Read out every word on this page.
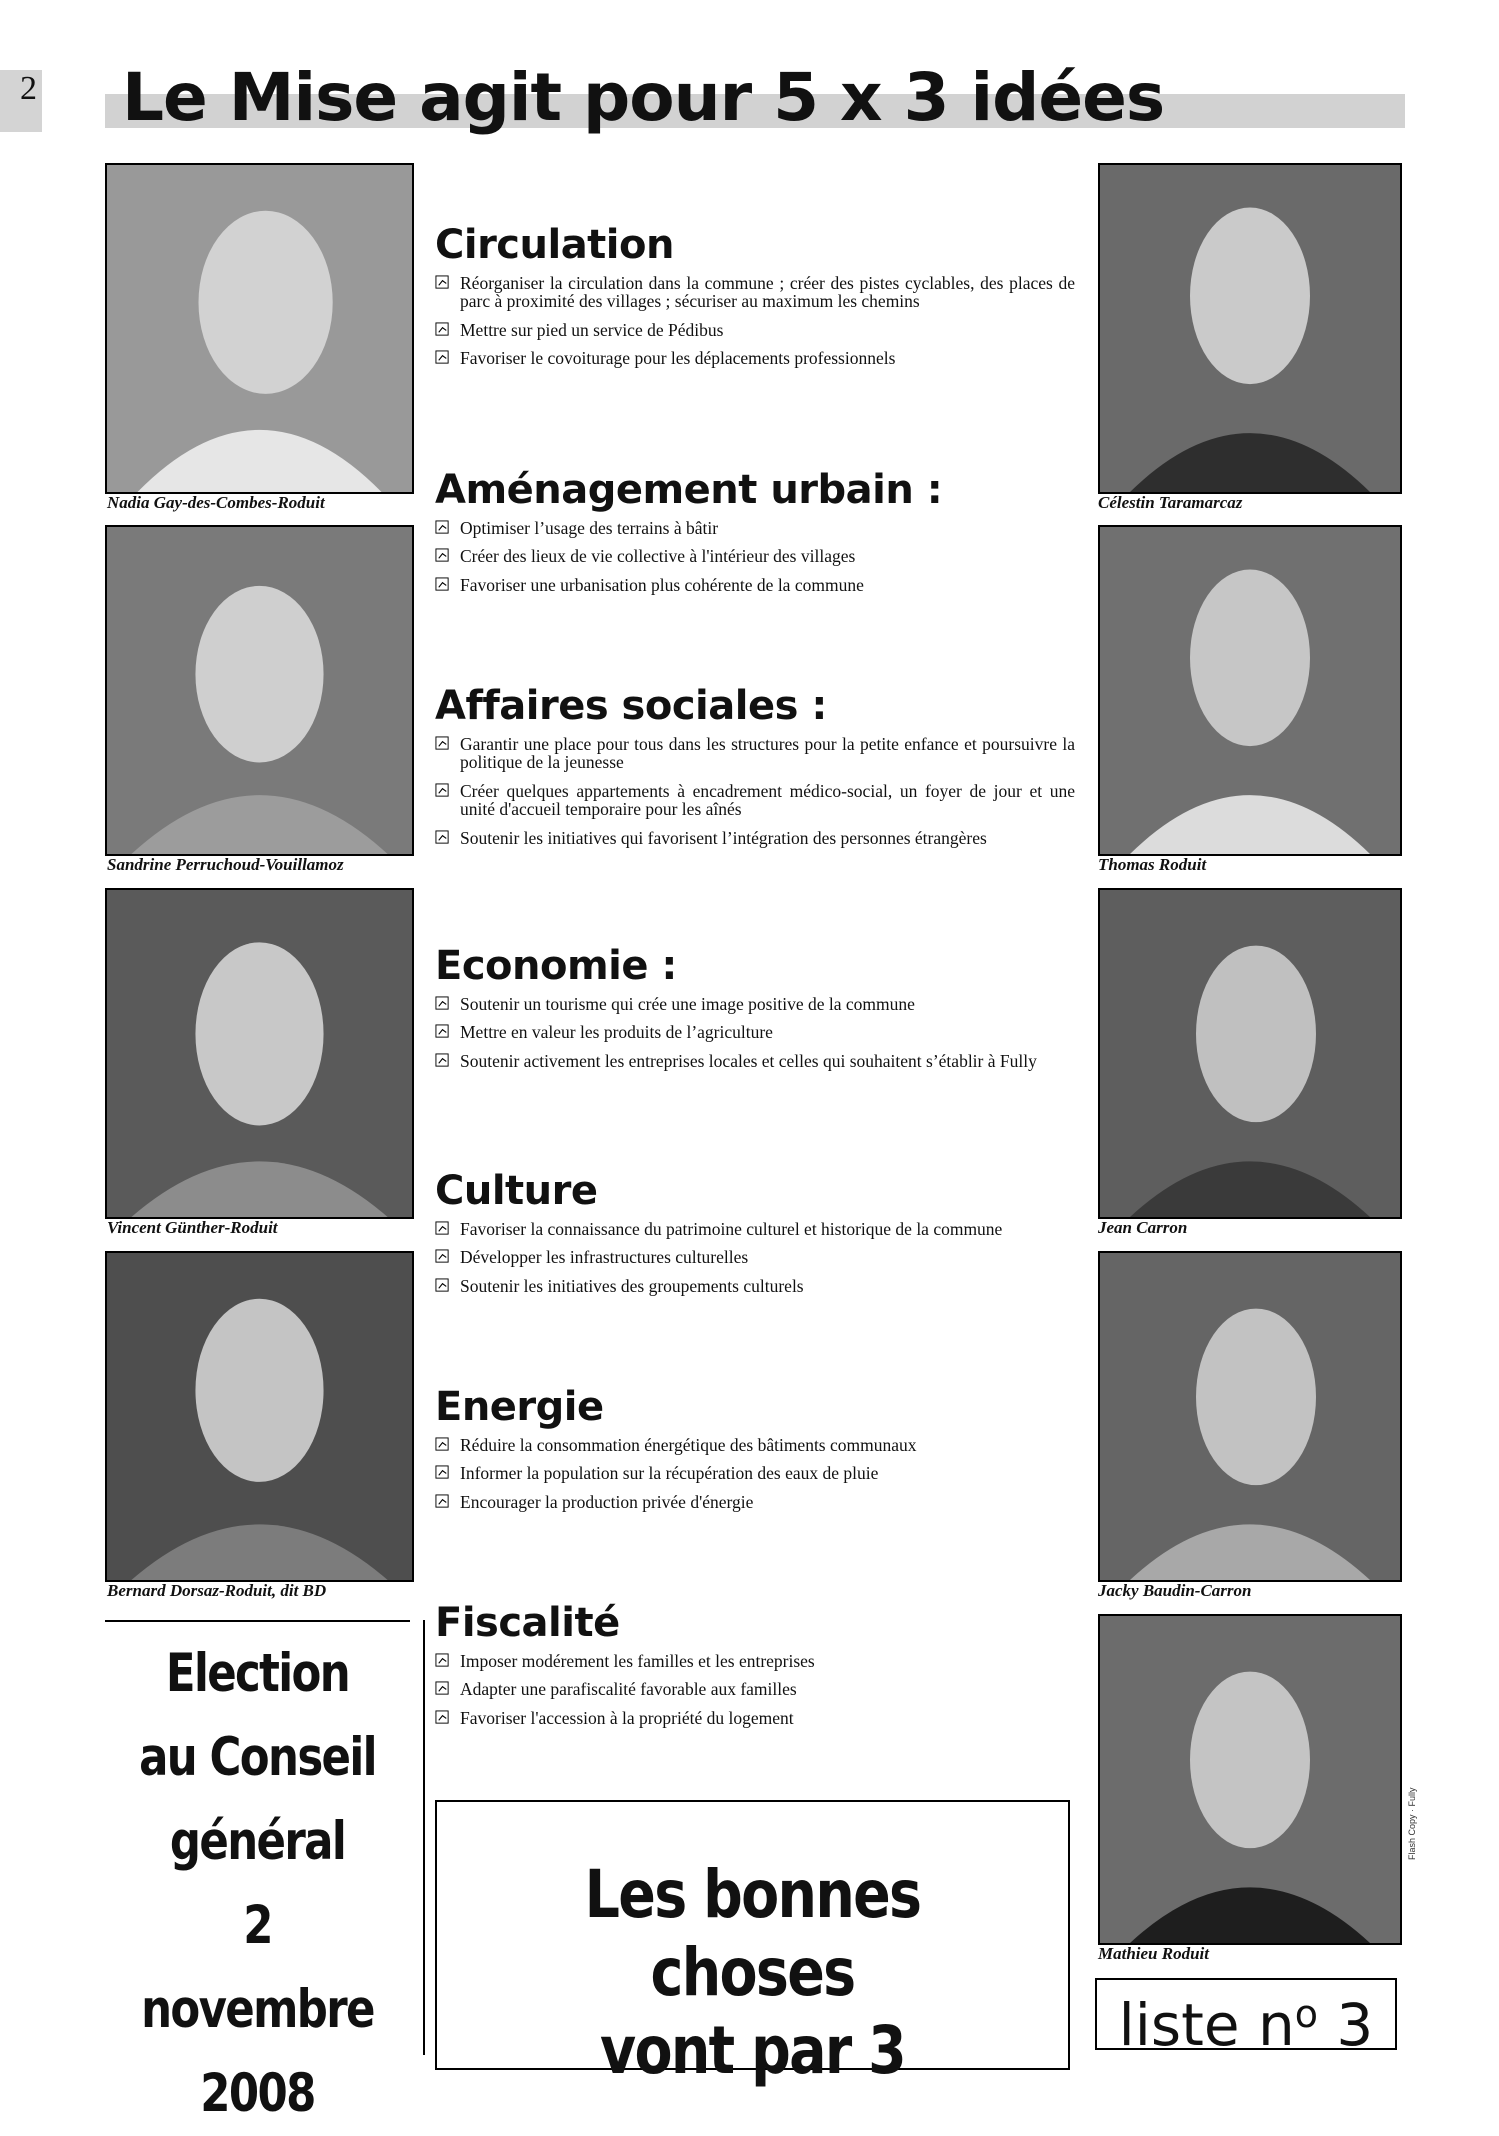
2 Le Mise agit pour 5 x 3 idées
Nadia Gay-des-Combes-Roduit
Sandrine Perruchoud-Vouillamoz
Vincent Günther-Roduit
Bernard Dorsaz-Roduit, dit BD
Célestin Taramarcaz
Thomas Roduit
Jean Carron
Jacky Baudin-Carron
Mathieu Roduit
Circulation
Réorganiser la circulation dans la commune ; créer des pistes cyclables, des places de parc à proximité des villages ; sécuriser au maximum les chemins
Mettre sur pied un service de Pédibus
Favoriser le covoiturage pour les déplacements professionnels
Aménagement urbain :
Optimiser l’usage des terrains à bâtir
Créer des lieux de vie collective à l'intérieur des villages
Favoriser une urbanisation plus cohérente de la commune
Affaires sociales :
Garantir une place pour tous dans les structures pour la petite enfance et poursuivre la politique de la jeunesse
Créer quelques appartements à encadrement médico-social, un foyer de jour et une unité d'accueil temporaire pour les aînés
Soutenir les initiatives qui favorisent l’intégration des personnes étrangères
Economie :
Soutenir un tourisme qui crée une image positive de la commune
Mettre en valeur les produits de l’agriculture
Soutenir activement les entreprises locales et celles qui souhaitent s’établir à Fully
Culture
Favoriser la connaissance du patrimoine culturel et historique de la commune
Développer les infrastructures culturelles
Soutenir les initiatives des groupements culturels
Energie
Réduire la consommation énergétique des bâtiments communaux
Informer la population sur la récupération des eaux de pluie
Encourager la production privée d'énergie
Fiscalité
Imposer modérement les familles et les entreprises
Adapter une parafiscalité favorable aux familles
Favoriser l'accession à la propriété du logement
Election
au Conseil
général
2 novembre
2008
Les bonnes choses
vont par 3	liste $n^o$ 3
Flash Copy · Fully
